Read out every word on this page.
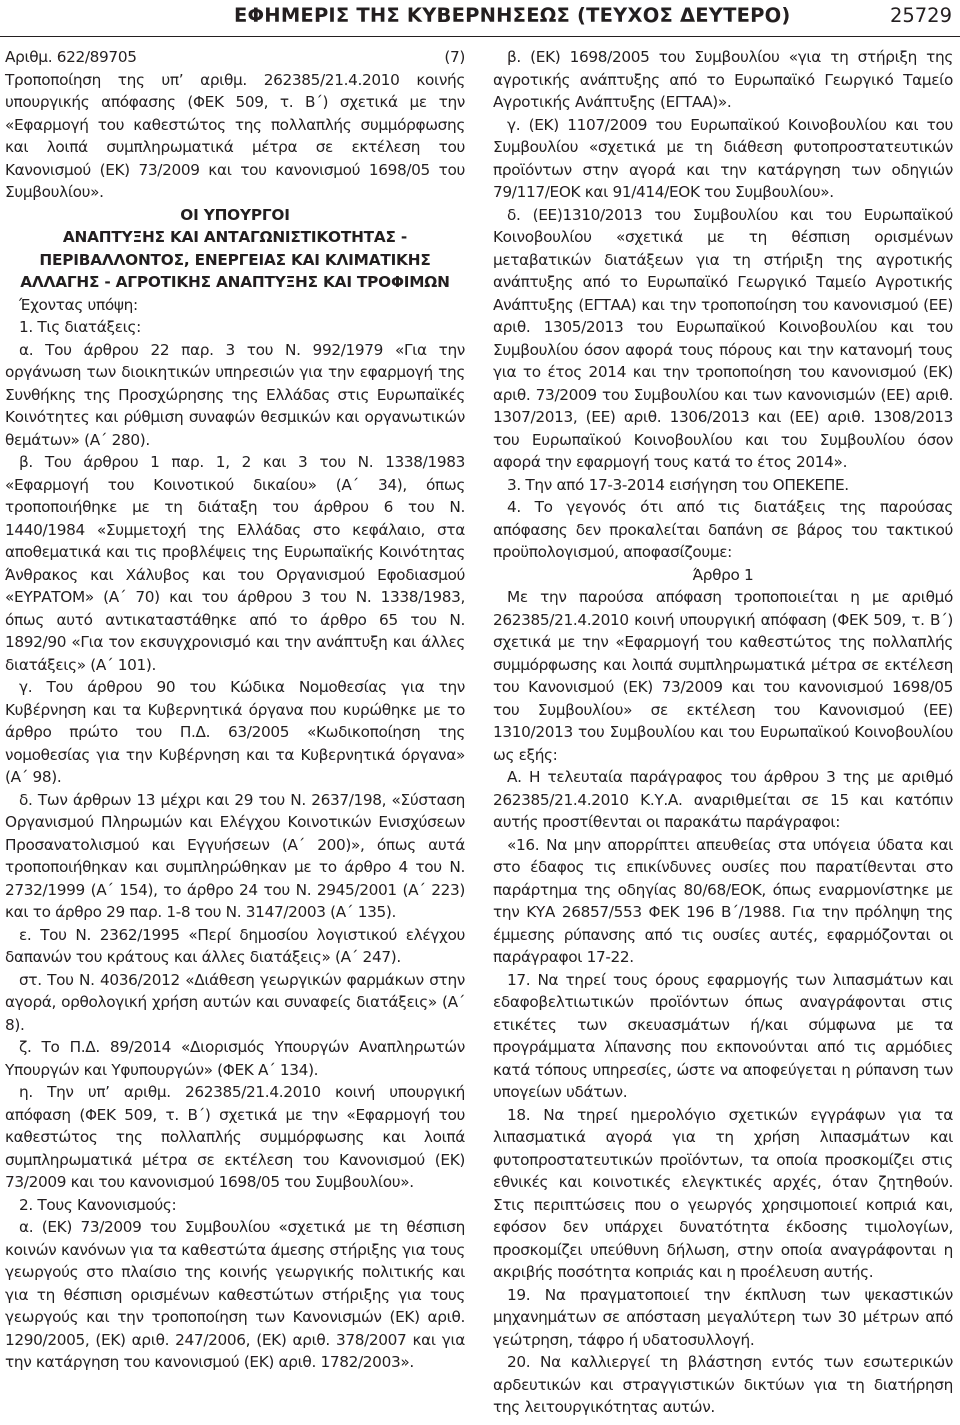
ΕΦΗΜΕΡΙΣ ΤΗΣ ΚΥΒΕΡΝΗΣΕΩΣ (ΤΕΥΧΟΣ ΔΕΥΤΕΡΟ)	25729
Αριθμ. 622/89705	(7)

Τροποποίηση της υπ’ αριθμ. 262385/21.4.2010 κοινής υπουργικής απόφασης (ΦΕΚ 509, τ. Β΄) σχετικά με την «Εφαρμογή του καθεστώτος της πολλαπλής συμμόρφωσης και λοιπά συμπληρωματικά μέτρα σε εκτέλεση του Κανονισμού (ΕΚ) 73/2009 και του κανονισμού 1698/05 του Συμβουλίου».

ΟΙ ΥΠΟΥΡΓΟΙ

ΑΝΑΠΤΥΞΗΣ ΚΑΙ ΑΝΤΑΓΩΝΙΣΤΙΚΟΤΗΤΑΣ -

ΠΕΡΙΒΑΛΛΟΝΤΟΣ, ΕΝΕΡΓΕΙΑΣ ΚΑΙ ΚΛΙΜΑΤΙΚΗΣ

ΑΛΛΑΓΗΣ - ΑΓΡΟΤΙΚΗΣ ΑΝΑΠΤΥΞΗΣ ΚΑΙ ΤΡΟΦΙΜΩΝ

Έχοντας υπόψη:

1. Τις διατάξεις:

α. Του άρθρου 22 παρ. 3 του Ν. 992/1979 «Για την οργάνωση των διοικητικών υπηρεσιών για την εφαρμογή της Συνθήκης της Προσχώρησης της Ελλάδας στις Ευρωπαϊκές Κοινότητες και ρύθμιση συναφών θεσμικών και οργανωτικών θεμάτων» (Α΄ 280).

β. Του άρθρου 1 παρ. 1, 2 και 3 του Ν. 1338/1983 «Εφαρμογή του Κοινοτικού δικαίου» (Α΄ 34), όπως τροποποιήθηκε με τη διάταξη του άρθρου 6 του Ν. 1440/1984 «Συμμετοχή της Ελλάδας στο κεφάλαιο, στα αποθεματικά και τις προβλέψεις της Ευρωπαϊκής Κοινότητας Άνθρακος και Χάλυβος και του Οργανισμού Εφοδιασμού «ΕΥΡΑΤΟΜ» (Α΄ 70) και του άρθρου 3 του Ν. 1338/1983, όπως αυτό αντικαταστάθηκε από το άρθρο 65 του Ν. 1892/90 «Για τον εκσυγχρονισμό και την ανάπτυξη και άλλες διατάξεις» (Α΄ 101).

γ. Του άρθρου 90 του Κώδικα Νομοθεσίας για την Κυβέρνηση και τα Κυβερνητικά όργανα που κυρώθηκε με το άρθρο πρώτο του Π.Δ. 63/2005 «Κωδικοποίηση της νομοθεσίας για την Κυβέρνηση και τα Κυβερνητικά όργανα» (Α΄ 98).

δ. Των άρθρων 13 μέχρι και 29 του Ν. 2637/198, «Σύσταση Οργανισμού Πληρωμών και Ελέγχου Κοινοτικών Ενισχύσεων Προσανατολισμού και Εγγυήσεων (Α΄ 200)», όπως αυτά τροποποιήθηκαν και συμπληρώθηκαν με το άρθρο 4 του Ν. 2732/1999 (Α΄ 154), το άρθρο 24 του Ν. 2945/2001 (Α΄ 223) και το άρθρο 29 παρ. 1-8 του Ν. 3147/2003 (Α΄ 135).

ε. Του Ν. 2362/1995 «Περί δημοσίου λογιστικού ελέγχου δαπανών του κράτους και άλλες διατάξεις» (Α΄ 247).

στ. Του Ν. 4036/2012 «Διάθεση γεωργικών φαρμάκων στην αγορά, ορθολογική χρήση αυτών και συναφείς διατάξεις» (Α΄ 8).

ζ. Το Π.Δ. 89/2014 «Διορισμός Υπουργών Αναπληρωτών Υπουργών και Υφυπουργών» (ΦΕΚ Α΄ 134).

η. Την υπ’ αριθμ. 262385/21.4.2010 κοινή υπουργική απόφαση (ΦΕΚ 509, τ. Β΄) σχετικά με την «Εφαρμογή του καθεστώτος της πολλαπλής συμμόρφωσης και λοιπά συμπληρωματικά μέτρα σε εκτέλεση του Κανονισμού (ΕΚ) 73/2009 και του κανονισμού 1698/05 του Συμβουλίου».

2. Τους Κανονισμούς:

α. (ΕΚ) 73/2009 του Συμβουλίου «σχετικά με τη θέσπιση κοινών κανόνων για τα καθεστώτα άμεσης στήριξης για τους γεωργούς στο πλαίσιο της κοινής γεωργικής πολιτικής και για τη θέσπιση ορισμένων καθεστώτων στήριξης για τους γεωργούς και την τροποποίηση των Κανονισμών (ΕΚ) αριθ. 1290/2005, (ΕΚ) αριθ. 247/2006, (ΕΚ) αριθ. 378/2007 και για την κατάργηση του κανονισμού (ΕΚ) αριθ. 1782/2003».

β. (ΕΚ) 1698/2005 του Συμβουλίου «για τη στήριξη της αγροτικής ανάπτυξης από το Ευρωπαϊκό Γεωργικό Ταμείο Αγροτικής Ανάπτυξης (ΕΓΤΑΑ)».

γ. (ΕΚ) 1107/2009 του Ευρωπαϊκού Κοινοβουλίου και του Συμβουλίου «σχετικά με τη διάθεση φυτοπροστατευτικών προϊόντων στην αγορά και την κατάργηση των οδηγιών 79/117/ΕΟΚ και 91/414/ΕΟΚ του Συμβουλίου».

δ. (ΕΕ)1310/2013 του Συμβουλίου και του Ευρωπαϊκού Κοινοβουλίου «σχετικά με τη θέσπιση ορισμένων μεταβατικών διατάξεων για τη στήριξη της αγροτικής ανάπτυξης από το Ευρωπαϊκό Γεωργικό Ταμείο Αγροτικής Ανάπτυξης (ΕΓΤΑΑ) και την τροποποίηση του κανονισμού (ΕΕ) αριθ. 1305/2013 του Ευρωπαϊκού Κοινοβουλίου και του Συμβουλίου όσον αφορά τους πόρους και την κατανομή τους για το έτος 2014 και την τροποποίηση του κανονισμού (ΕΚ) αριθ. 73/2009 του Συμβουλίου και των κανονισμών (ΕΕ) αριθ. 1307/2013, (ΕΕ) αριθ. 1306/2013 και (ΕΕ) αριθ. 1308/2013 του Ευρωπαϊκού Κοινοβουλίου και του Συμβουλίου όσον αφορά την εφαρμογή τους κατά το έτος 2014».

3. Την από 17-3-2014 εισήγηση του ΟΠΕΚΕΠΕ.

4. Το γεγονός ότι από τις διατάξεις της παρούσας απόφασης δεν προκαλείται δαπάνη σε βάρος του τακτικού προϋπολογισμού, αποφασίζουμε:

Άρθρο 1

Με την παρούσα απόφαση τροποποιείται η με αριθμό 262385/21.4.2010 κοινή υπουργική απόφαση (ΦΕΚ 509, τ. Β΄) σχετικά με την «Εφαρμογή του καθεστώτος της πολλαπλής συμμόρφωσης και λοιπά συμπληρωματικά μέτρα σε εκτέλεση του Κανονισμού (ΕΚ) 73/2009 και του κανονισμού 1698/05 του Συμβουλίου» σε εκτέλεση του Κανονισμού (ΕΕ) 1310/2013 του Συμβουλίου και του Ευρωπαϊκού Κοινοβουλίου ως εξής:

Α. Η τελευταία παράγραφος του άρθρου 3 της με αριθμό 262385/21.4.2010 Κ.Υ.Α. αναριθμείται σε 15 και κατόπιν αυτής προστίθενται οι παρακάτω παράγραφοι:

«16. Να μην απορρίπτει απευθείας στα υπόγεια ύδατα και στο έδαφος τις επικίνδυνες ουσίες που παρατίθενται στο παράρτημα της οδηγίας 80/68/ΕΟΚ, όπως εναρμονίστηκε με την ΚΥΑ 26857/553 ΦΕΚ 196 Β΄/1988. Για την πρόληψη της έμμεσης ρύπανσης από τις ουσίες αυτές, εφαρμόζονται οι παράγραφοι 17-22.

17. Να τηρεί τους όρους εφαρμογής των λιπασμάτων και εδαφοβελτιωτικών προϊόντων όπως αναγράφονται στις ετικέτες των σκευασμάτων ή/και σύμφωνα με τα προγράμματα λίπανσης που εκπονούνται από τις αρμόδιες κατά τόπους υπηρεσίες, ώστε να αποφεύγεται η ρύπανση των υπογείων υδάτων.

18. Να τηρεί ημερολόγιο σχετικών εγγράφων για τα λιπασματικά αγορά για τη χρήση λιπασμάτων και φυτοπροστατευτικών προϊόντων, τα οποία προσκομίζει στις εθνικές και κοινοτικές ελεγκτικές αρχές, όταν ζητηθούν. Στις περιπτώσεις που ο γεωργός χρησιμοποιεί κοπριά και, εφόσον δεν υπάρχει δυνατότητα έκδοσης τιμολογίων, προσκομίζει υπεύθυνη δήλωση, στην οποία αναγράφονται η ακριβής ποσότητα κοπριάς και η προέλευση αυτής.

19. Να πραγματοποιεί την έκπλυση των ψεκαστικών μηχανημάτων σε απόσταση μεγαλύτερη των 30 μέτρων από γεώτρηση, τάφρο ή υδατοσυλλογή.

20. Να καλλιεργεί τη βλάστηση εντός των εσωτερικών αρδευτικών και στραγγιστικών δικτύων για τη διατήρηση της λειτουργικότητας αυτών.
